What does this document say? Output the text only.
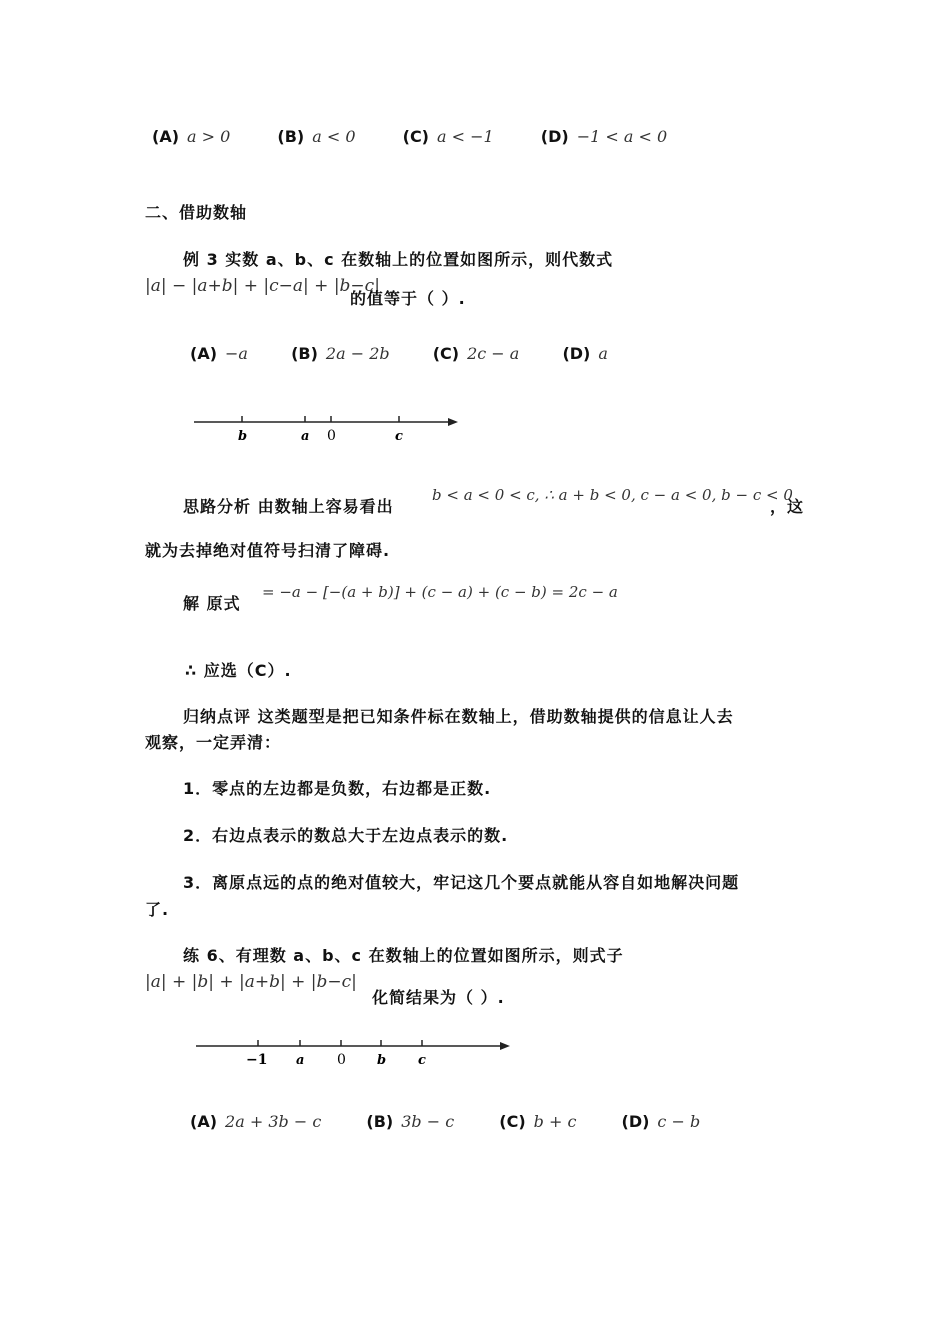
(A) a > 0	(B) a < 0	(C) a < −1	(D) −1 < a < 0
二、借助数轴
例 3 实数 a、b、c 在数轴上的位置如图所示，则代数式
|a| − |a+b| + |c−a| + |b−c|
的值等于（ ）.
(A) −a	(B) 2a − 2b	(C) 2c − a	(D) a
b	a 0	c
思路分析 由数轴上容易看出
b < a < 0 < c, ∴ a + b < 0, c − a < 0, b − c < 0
，这
就为去掉绝对值符号扫清了障碍.
解 原式
= −a − [−(a + b)] + (c − a) + (c − b) = 2c − a
∴ 应选（C）.
归纳点评 这类题型是把已知条件标在数轴上，借助数轴提供的信息让人去
观察，一定弄清：
1．零点的左边都是负数，右边都是正数.
2．右边点表示的数总大于左边点表示的数.
3．离原点远的点的绝对值较大，牢记这几个要点就能从容自如地解决问题
了.
练 6、有理数 a、b、c 在数轴上的位置如图所示，则式子
|a| + |b| + |a+b| + |b−c|
化简结果为（ ）.
−1 a 0 b c
(A) 2a + 3b − c	(B) 3b − c	(C) b + c	(D) c − b
